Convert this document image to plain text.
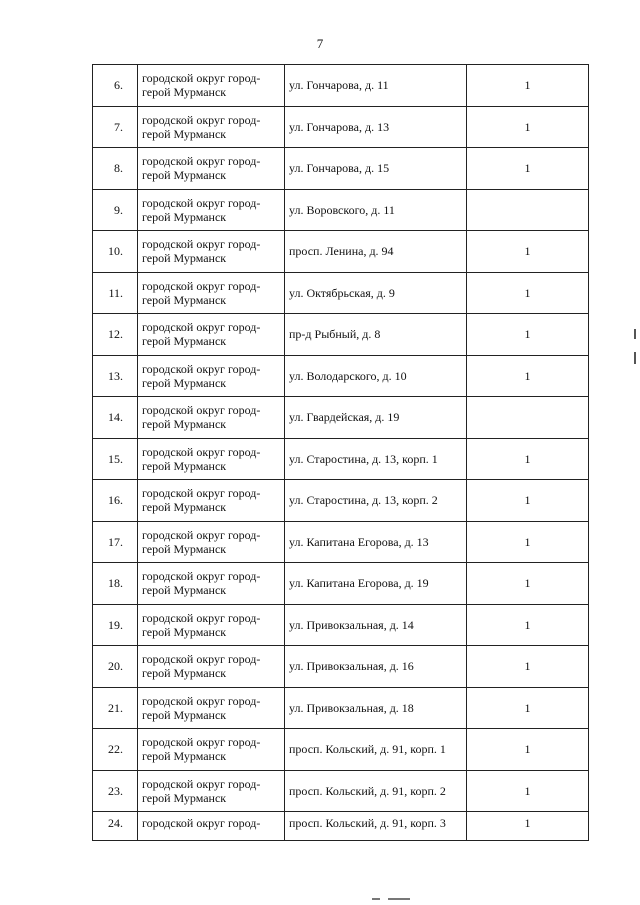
7
6.	городской округ город-
герой Мурманск	ул. Гончарова, д. 11	1
7.	городской округ город-
герой Мурманск	ул. Гончарова, д. 13	1
8.	городской округ город-
герой Мурманск	ул. Гончарова, д. 15	1
9.	городской округ город-
герой Мурманск	ул. Воровского, д. 11	
10.	городской округ город-
герой Мурманск	просп. Ленина, д. 94	1
11.	городской округ город-
герой Мурманск	ул. Октябрьская, д. 9	1
12.	городской округ город-
герой Мурманск	пр-д Рыбный, д. 8	1
13.	городской округ город-
герой Мурманск	ул. Володарского, д. 10	1
14.	городской округ город-
герой Мурманск	ул. Гвардейская, д. 19	
15.	городской округ город-
герой Мурманск	ул. Старостина, д. 13, корп. 1	1
16.	городской округ город-
герой Мурманск	ул. Старостина, д. 13, корп. 2	1
17.	городской округ город-
герой Мурманск	ул. Капитана Егорова, д. 13	1
18.	городской округ город-
герой Мурманск	ул. Капитана Егорова, д. 19	1
19.	городской округ город-
герой Мурманск	ул. Привокзальная, д. 14	1
20.	городской округ город-
герой Мурманск	ул. Привокзальная, д. 16	1
21.	городской округ город-
герой Мурманск	ул. Привокзальная, д. 18	1
22.	городской округ город-
герой Мурманск	просп. Кольский, д. 91, корп. 1	1
23.	городской округ город-
герой Мурманск	просп. Кольский, д. 91, корп. 2	1
24.	городской округ город-	просп. Кольский, д. 91, корп. 3	1
